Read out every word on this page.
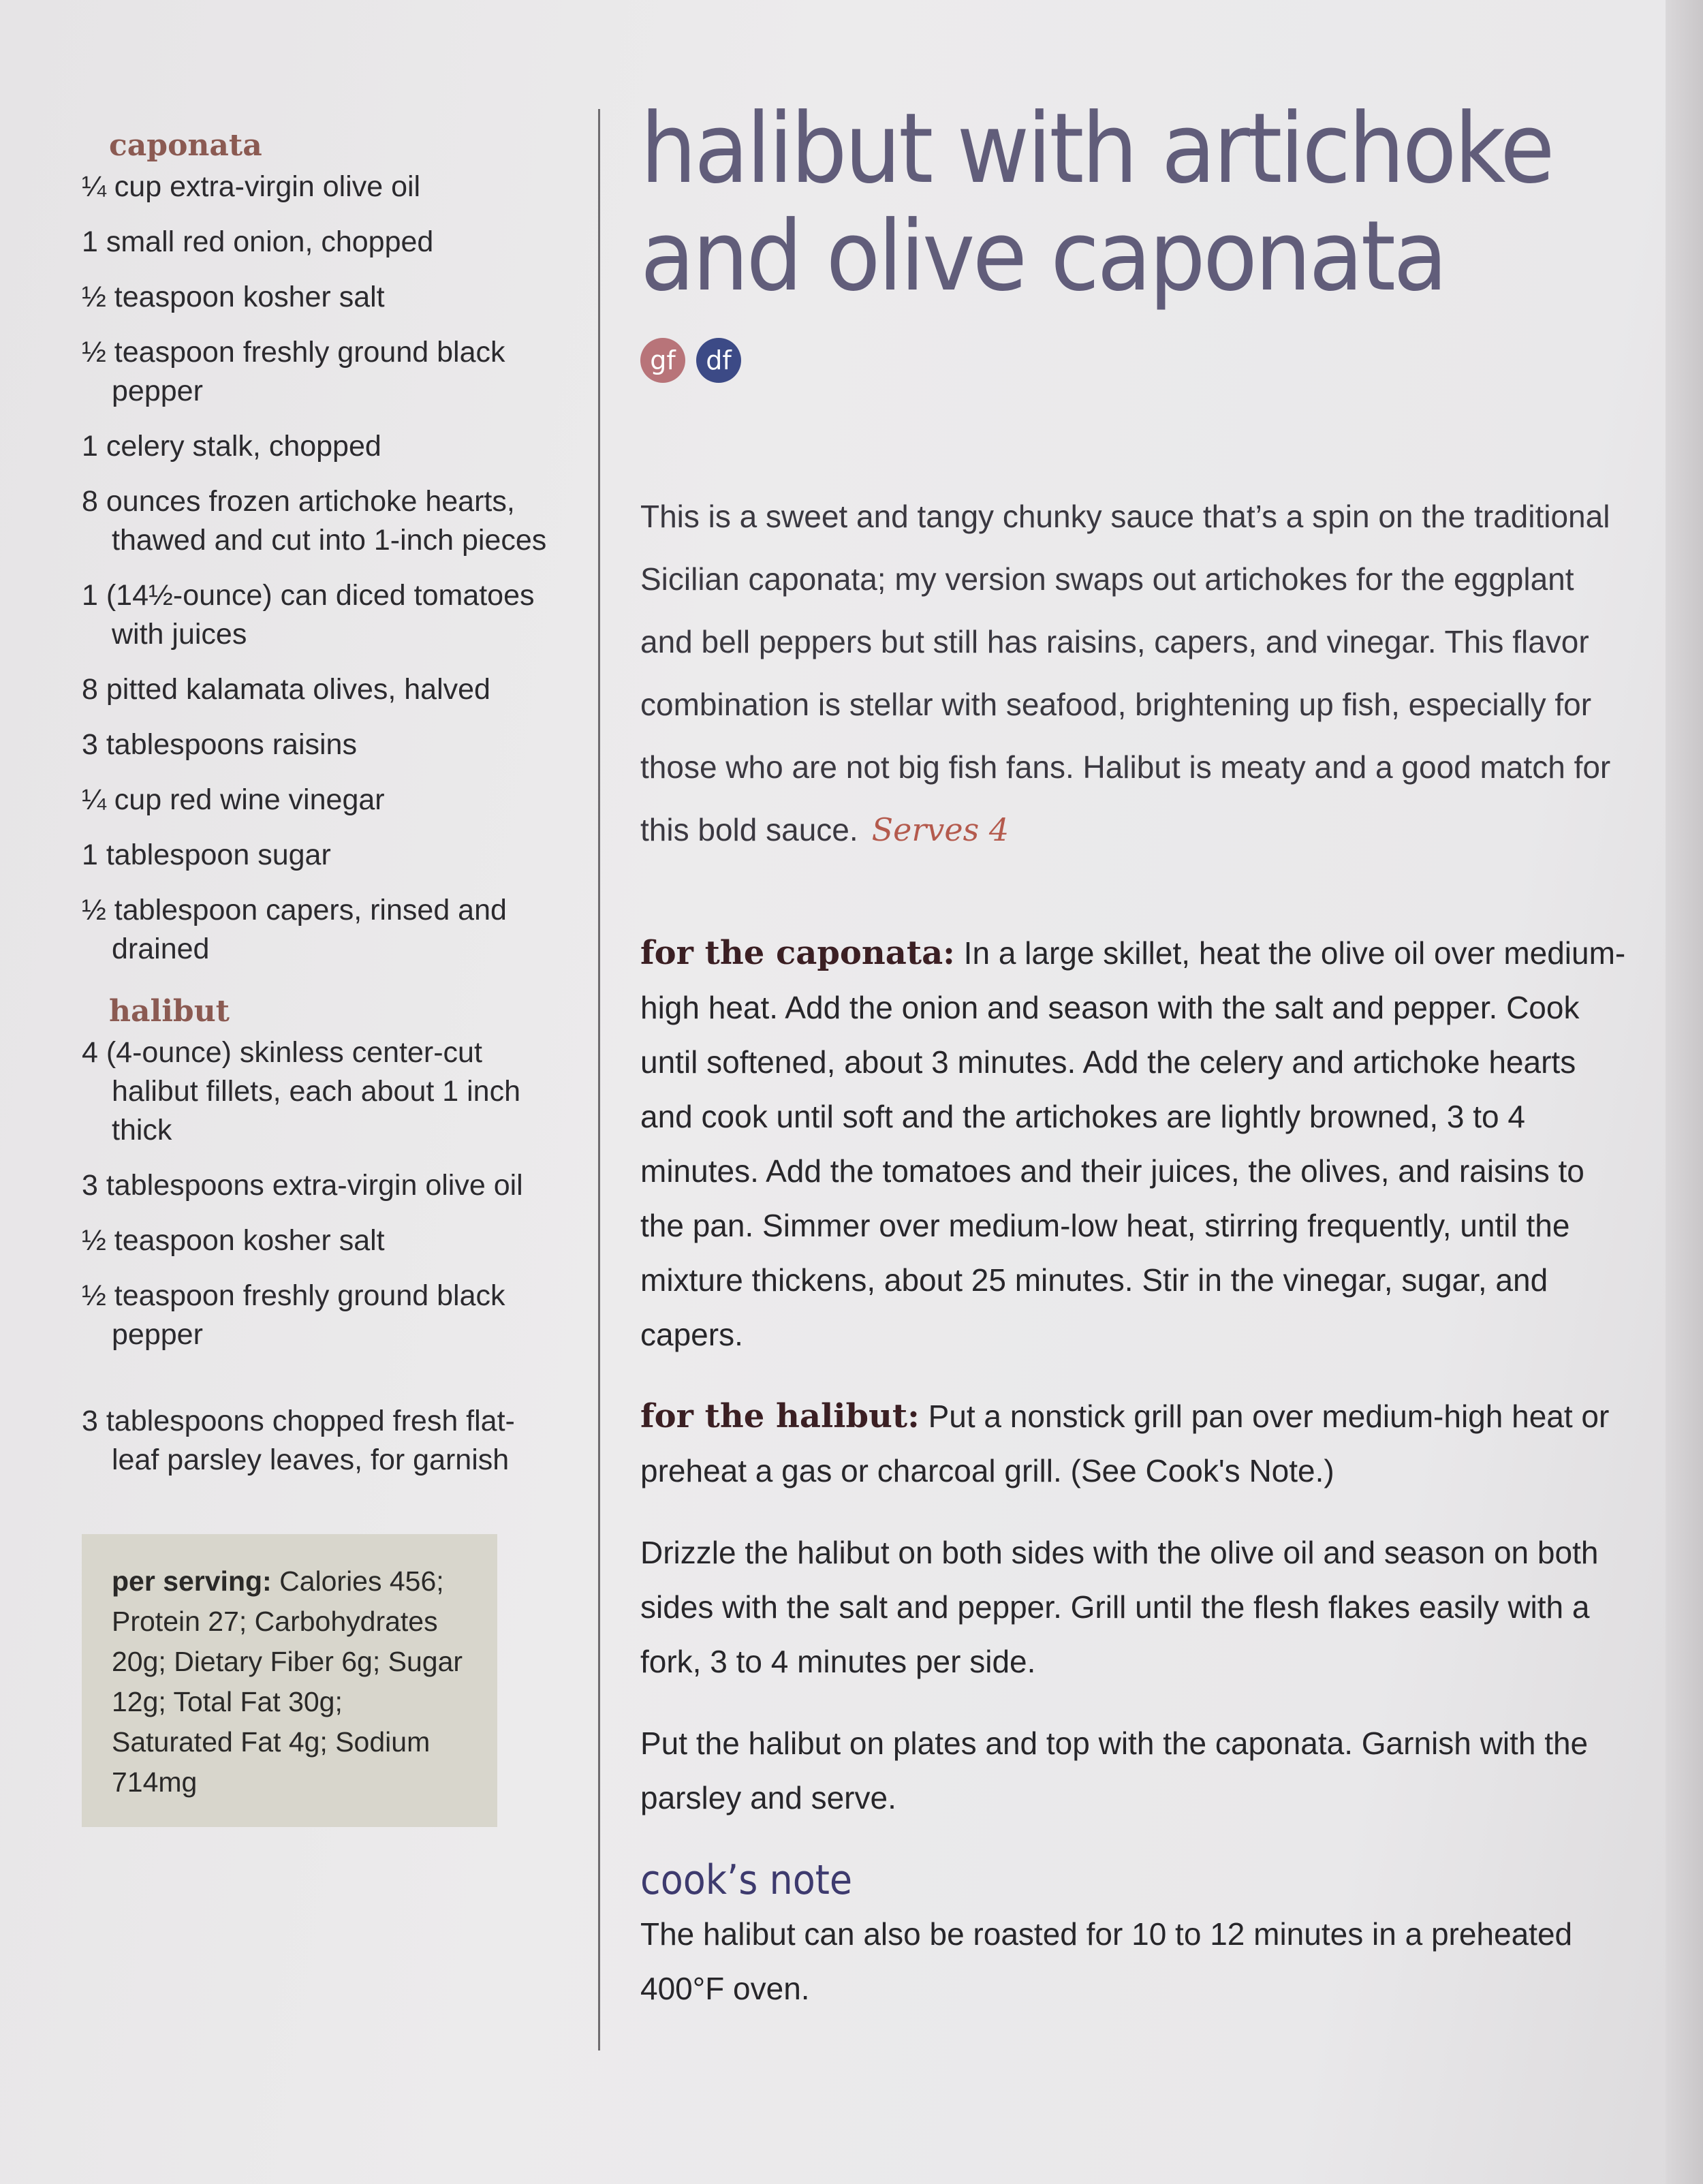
caponata
¼ cup extra-virgin olive oil
1 small red onion, chopped
½ teaspoon kosher salt
½ teaspoon freshly ground black pepper
1 celery stalk, chopped
8 ounces frozen artichoke hearts, thawed and cut into 1-inch pieces
1 (14½-ounce) can diced tomatoes with juices
8 pitted kalamata olives, halved
3 tablespoons raisins
¼ cup red wine vinegar
1 tablespoon sugar
½ tablespoon capers, rinsed and drained
halibut
4 (4-ounce) skinless center-cut halibut fillets, each about 1 inch thick
3 tablespoons extra-virgin olive oil
½ teaspoon kosher salt
½ teaspoon freshly ground black pepper
3 tablespoons chopped fresh flat-leaf parsley leaves, for garnish
per serving: Calories 456; Protein 27; Carbohydrates 20g; Dietary Fiber 6g; Sugar 12g; Total Fat 30g; Saturated Fat 4g; Sodium 714mg
halibut with artichoke
and olive caponata
gf	df

This is a sweet and tangy chunky sauce that’s a spin on the traditional Sicilian caponata; my version swaps out artichokes for the eggplant and bell peppers but still has raisins, capers, and vinegar. This flavor combination is stellar with seafood, brightening up fish, especially for those who are not big fish fans. Halibut is meaty and a good match for this bold sauce. Serves 4

for the caponata: In a large skillet, heat the olive oil over medium-high heat. Add the onion and season with the salt and pepper. Cook until softened, about 3 minutes. Add the celery and artichoke hearts and cook until soft and the artichokes are lightly browned, 3 to 4 minutes. Add the tomatoes and their juices, the olives, and raisins to the pan. Simmer over medium-low heat, stirring frequently, until the mixture thickens, about 25 minutes. Stir in the vinegar, sugar, and capers.

for the halibut: Put a nonstick grill pan over medium-high heat or preheat a gas or charcoal grill. (See Cook's Note.)

Drizzle the halibut on both sides with the olive oil and season on both sides with the salt and pepper. Grill until the flesh flakes easily with a fork, 3 to 4 minutes per side.

Put the halibut on plates and top with the caponata. Garnish with the parsley and serve.

cook’s note

The halibut can also be roasted for 10 to 12 minutes in a preheated 400°F oven.
